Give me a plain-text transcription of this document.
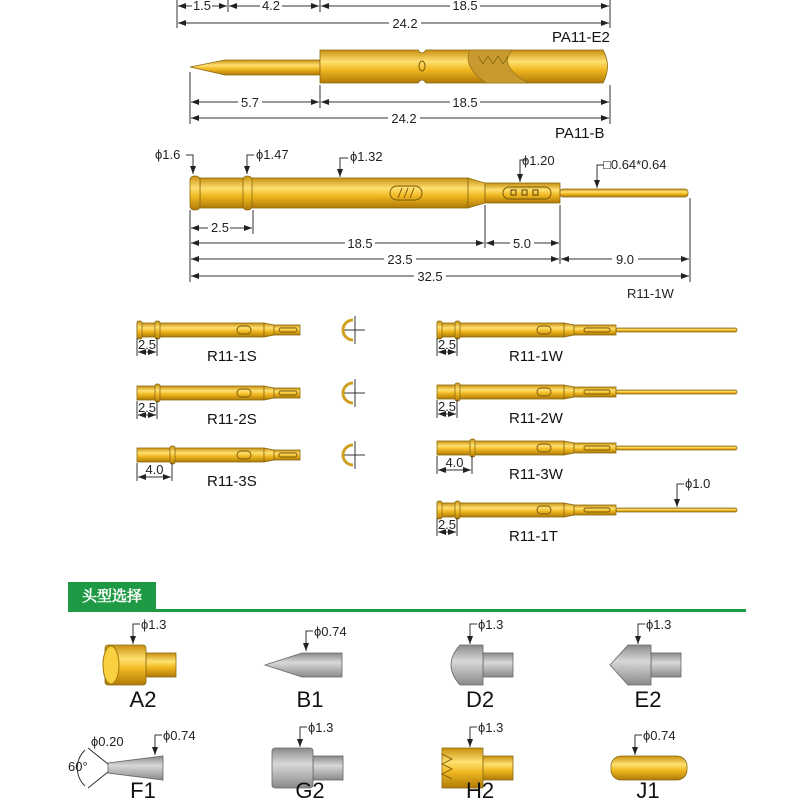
1.5	4.2	18.5
24.2
PA11-E2
5.7	18.5
24.2
PA11-B
ϕ1.6	ϕ1.47	ϕ1.32	ϕ1.20	□0.64*0.64
2.5
18.5	5.0
23.5	9.0
32.5
R11-1W
2.5
R11-1S
2.5
R11-2S
4.0
R11-3S
2.5
R11-1W
2.5
R11-2W
4.0
R11-3W
2.5
R11-1T
ϕ1.0
ϕ1.3
A2
ϕ0.74
B1
ϕ1.3
D2
ϕ1.3
E2
60°
ϕ0.20	ϕ0.74
F1
ϕ1.3
G2
ϕ1.3
H2
ϕ0.74
J1
头型选择
